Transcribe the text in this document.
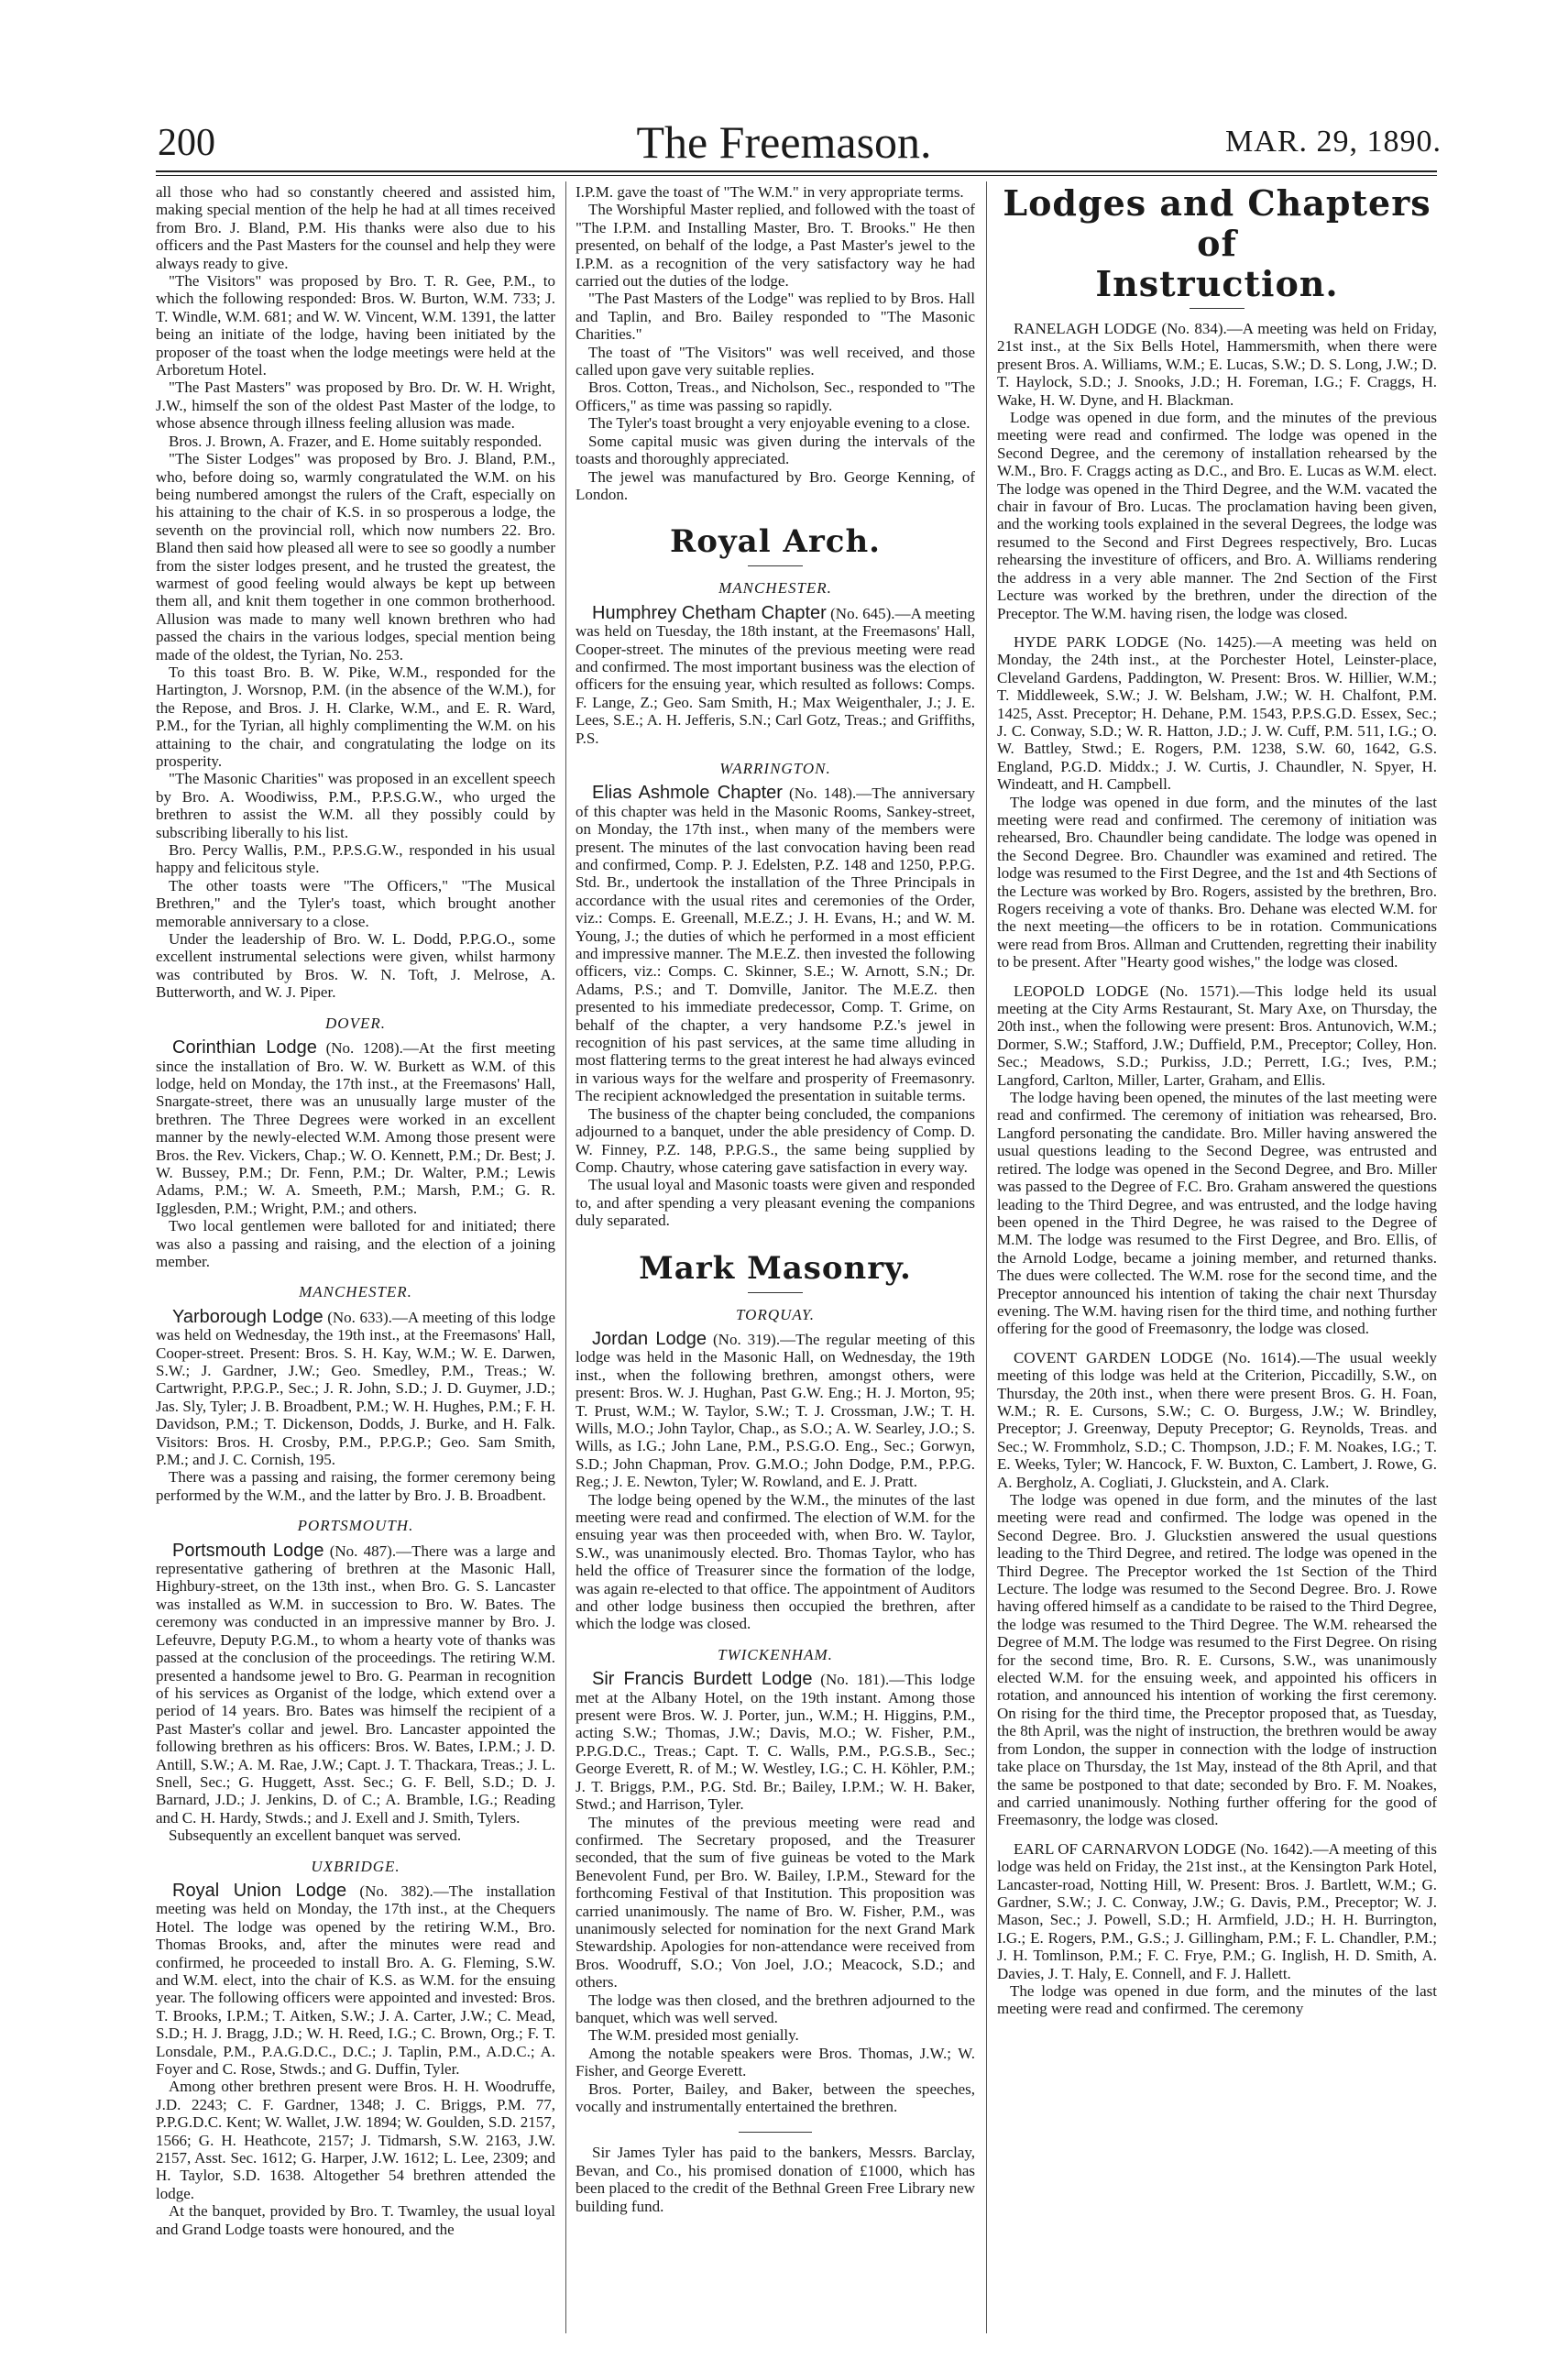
200	The Freemason.	MAR. 29, 1890.

all those who had so constantly cheered and assisted him, making special mention of the help he had at all times received from Bro. J. Bland, P.M. His thanks were also due to his officers and the Past Masters for the counsel and help they were always ready to give.

"The Visitors" was proposed by Bro. T. R. Gee, P.M., to which the following responded: Bros. W. Burton, W.M. 733; J. T. Windle, W.M. 681; and W. W. Vincent, W.M. 1391, the latter being an initiate of the lodge, having been initiated by the proposer of the toast when the lodge meetings were held at the Arboretum Hotel.

"The Past Masters" was proposed by Bro. Dr. W. H. Wright, J.W., himself the son of the oldest Past Master of the lodge, to whose absence through illness feeling allusion was made.

Bros. J. Brown, A. Frazer, and E. Home suitably responded.

"The Sister Lodges" was proposed by Bro. J. Bland, P.M., who, before doing so, warmly congratulated the W.M. on his being numbered amongst the rulers of the Craft, especially on his attaining to the chair of K.S. in so prosperous a lodge, the seventh on the provincial roll, which now numbers 22. Bro. Bland then said how pleased all were to see so goodly a number from the sister lodges present, and he trusted the greatest, the warmest of good feeling would always be kept up between them all, and knit them together in one common brotherhood. Allusion was made to many well known brethren who had passed the chairs in the various lodges, special mention being made of the oldest, the Tyrian, No. 253.

To this toast Bro. B. W. Pike, W.M., responded for the Hartington, J. Worsnop, P.M. (in the absence of the W.M.), for the Repose, and Bros. J. H. Clarke, W.M., and E. R. Ward, P.M., for the Tyrian, all highly complimenting the W.M. on his attaining to the chair, and congratulating the lodge on its prosperity.

"The Masonic Charities" was proposed in an excellent speech by Bro. A. Woodiwiss, P.M., P.P.S.G.W., who urged the brethren to assist the W.M. all they possibly could by subscribing liberally to his list.

Bro. Percy Wallis, P.M., P.P.S.G.W., responded in his usual happy and felicitous style.

The other toasts were "The Officers," "The Musical Brethren," and the Tyler's toast, which brought another memorable anniversary to a close.

Under the leadership of Bro. W. L. Dodd, P.P.G.O., some excellent instrumental selections were given, whilst harmony was contributed by Bros. W. N. Toft, J. Melrose, A. Butterworth, and W. J. Piper.

DOVER.

Corinthian Lodge (No. 1208).—At the first meeting since the installation of Bro. W. W. Burkett as W.M. of this lodge, held on Monday, the 17th inst., at the Freemasons' Hall, Snargate-street, there was an unusually large muster of the brethren. The Three Degrees were worked in an excellent manner by the newly-elected W.M. Among those present were Bros. the Rev. Vickers, Chap.; W. O. Kennett, P.M.; Dr. Best; J. W. Bussey, P.M.; Dr. Fenn, P.M.; Dr. Walter, P.M.; Lewis Adams, P.M.; W. A. Smeeth, P.M.; Marsh, P.M.; G. R. Igglesden, P.M.; Wright, P.M.; and others.

Two local gentlemen were balloted for and initiated; there was also a passing and raising, and the election of a joining member.

MANCHESTER.

Yarborough Lodge (No. 633).—A meeting of this lodge was held on Wednesday, the 19th inst., at the Freemasons' Hall, Cooper-street. Present: Bros. S. H. Kay, W.M.; W. E. Darwen, S.W.; J. Gardner, J.W.; Geo. Smedley, P.M., Treas.; W. Cartwright, P.P.G.P., Sec.; J. R. John, S.D.; J. D. Guymer, J.D.; Jas. Sly, Tyler; J. B. Broadbent, P.M.; W. H. Hughes, P.M.; F. H. Davidson, P.M.; T. Dickenson, Dodds, J. Burke, and H. Falk. Visitors: Bros. H. Crosby, P.M., P.P.G.P.; Geo. Sam Smith, P.M.; and J. C. Cornish, 195.

There was a passing and raising, the former ceremony being performed by the W.M., and the latter by Bro. J. B. Broadbent.

PORTSMOUTH.

Portsmouth Lodge (No. 487).—There was a large and representative gathering of brethren at the Masonic Hall, Highbury-street, on the 13th inst., when Bro. G. S. Lancaster was installed as W.M. in succession to Bro. W. Bates. The ceremony was conducted in an impressive manner by Bro. J. Lefeuvre, Deputy P.G.M., to whom a hearty vote of thanks was passed at the conclusion of the proceedings. The retiring W.M. presented a handsome jewel to Bro. G. Pearman in recognition of his services as Organist of the lodge, which extend over a period of 14 years. Bro. Bates was himself the recipient of a Past Master's collar and jewel. Bro. Lancaster appointed the following brethren as his officers: Bros. W. Bates, I.P.M.; J. D. Antill, S.W.; A. M. Rae, J.W.; Capt. J. T. Thackara, Treas.; J. L. Snell, Sec.; G. Huggett, Asst. Sec.; G. F. Bell, S.D.; D. J. Barnard, J.D.; J. Jenkins, D. of C.; A. Bramble, I.G.; Reading and C. H. Hardy, Stwds.; and J. Exell and J. Smith, Tylers.

Subsequently an excellent banquet was served.

UXBRIDGE.

Royal Union Lodge (No. 382).—The installation meeting was held on Monday, the 17th inst., at the Chequers Hotel. The lodge was opened by the retiring W.M., Bro. Thomas Brooks, and, after the minutes were read and confirmed, he proceeded to install Bro. A. G. Fleming, S.W. and W.M. elect, into the chair of K.S. as W.M. for the ensuing year. The following officers were appointed and invested: Bros. T. Brooks, I.P.M.; T. Aitken, S.W.; J. A. Carter, J.W.; C. Mead, S.D.; H. J. Bragg, J.D.; W. H. Reed, I.G.; C. Brown, Org.; F. T. Lonsdale, P.M., P.A.G.D.C., D.C.; J. Taplin, P.M., A.D.C.; A. Foyer and C. Rose, Stwds.; and G. Duffin, Tyler.

Among other brethren present were Bros. H. H. Woodruffe, J.D. 2243; C. F. Gardner, 1348; J. C. Briggs, P.M. 77, P.P.G.D.C. Kent; W. Wallet, J.W. 1894; W. Goulden, S.D. 2157, 1566; G. H. Heathcote, 2157; J. Tidmarsh, S.W. 2163, J.W. 2157, Asst. Sec. 1612; G. Harper, J.W. 1612; L. Lee, 2309; and H. Taylor, S.D. 1638. Altogether 54 brethren attended the lodge.

At the banquet, provided by Bro. T. Twamley, the usual loyal and Grand Lodge toasts were honoured, and the

I.P.M. gave the toast of "The W.M." in very appropriate terms.

The Worshipful Master replied, and followed with the toast of "The I.P.M. and Installing Master, Bro. T. Brooks." He then presented, on behalf of the lodge, a Past Master's jewel to the I.P.M. as a recognition of the very satisfactory way he had carried out the duties of the lodge.

"The Past Masters of the Lodge" was replied to by Bros. Hall and Taplin, and Bro. Bailey responded to "The Masonic Charities."

The toast of "The Visitors" was well received, and those called upon gave very suitable replies.

Bros. Cotton, Treas., and Nicholson, Sec., responded to "The Officers," as time was passing so rapidly.

The Tyler's toast brought a very enjoyable evening to a close.

Some capital music was given during the intervals of the toasts and thoroughly appreciated.

The jewel was manufactured by Bro. George Kenning, of London.

Royal Arch.
MANCHESTER.

Humphrey Chetham Chapter (No. 645).—A meeting was held on Tuesday, the 18th instant, at the Freemasons' Hall, Cooper-street. The minutes of the previous meeting were read and confirmed. The most important business was the election of officers for the ensuing year, which resulted as follows: Comps. F. Lange, Z.; Geo. Sam Smith, H.; Max Weigenthaler, J.; J. E. Lees, S.E.; A. H. Jefferis, S.N.; Carl Gotz, Treas.; and Griffiths, P.S.

WARRINGTON.

Elias Ashmole Chapter (No. 148).—The anniversary of this chapter was held in the Masonic Rooms, Sankey-street, on Monday, the 17th inst., when many of the members were present. The minutes of the last convocation having been read and confirmed, Comp. P. J. Edelsten, P.Z. 148 and 1250, P.P.G. Std. Br., undertook the installation of the Three Principals in accordance with the usual rites and ceremonies of the Order, viz.: Comps. E. Greenall, M.E.Z.; J. H. Evans, H.; and W. M. Young, J.; the duties of which he performed in a most efficient and impressive manner. The M.E.Z. then invested the following officers, viz.: Comps. C. Skinner, S.E.; W. Arnott, S.N.; Dr. Adams, P.S.; and T. Domville, Janitor. The M.E.Z. then presented to his immediate predecessor, Comp. T. Grime, on behalf of the chapter, a very handsome P.Z.'s jewel in recognition of his past services, at the same time alluding in most flattering terms to the great interest he had always evinced in various ways for the welfare and prosperity of Freemasonry. The recipient acknowledged the presentation in suitable terms.

The business of the chapter being concluded, the companions adjourned to a banquet, under the able presidency of Comp. D. W. Finney, P.Z. 148, P.P.G.S., the same being supplied by Comp. Chautry, whose catering gave satisfaction in every way.

The usual loyal and Masonic toasts were given and responded to, and after spending a very pleasant evening the companions duly separated.

Mark Masonry.
TORQUAY.

Jordan Lodge (No. 319).—The regular meeting of this lodge was held in the Masonic Hall, on Wednesday, the 19th inst., when the following brethren, amongst others, were present: Bros. W. J. Hughan, Past G.W. Eng.; H. J. Morton, 95; T. Prust, W.M.; W. Taylor, S.W.; T. J. Crossman, J.W.; T. H. Wills, M.O.; John Taylor, Chap., as S.O.; A. W. Searley, J.O.; S. Wills, as I.G.; John Lane, P.M., P.S.G.O. Eng., Sec.; Gorwyn, S.D.; John Chapman, Prov. G.M.O.; John Dodge, P.M., P.P.G. Reg.; J. E. Newton, Tyler; W. Rowland, and E. J. Pratt.

The lodge being opened by the W.M., the minutes of the last meeting were read and confirmed. The election of W.M. for the ensuing year was then proceeded with, when Bro. W. Taylor, S.W., was unanimously elected. Bro. Thomas Taylor, who has held the office of Treasurer since the formation of the lodge, was again re-elected to that office. The appointment of Auditors and other lodge business then occupied the brethren, after which the lodge was closed.

TWICKENHAM.

Sir Francis Burdett Lodge (No. 181).—This lodge met at the Albany Hotel, on the 19th instant. Among those present were Bros. W. J. Porter, jun., W.M.; H. Higgins, P.M., acting S.W.; Thomas, J.W.; Davis, M.O.; W. Fisher, P.M., P.P.G.D.C., Treas.; Capt. T. C. Walls, P.M., P.G.S.B., Sec.; George Everett, R. of M.; W. Westley, I.G.; C. H. Köhler, P.M.; J. T. Briggs, P.M., P.G. Std. Br.; Bailey, I.P.M.; W. H. Baker, Stwd.; and Harrison, Tyler.

The minutes of the previous meeting were read and confirmed. The Secretary proposed, and the Treasurer seconded, that the sum of five guineas be voted to the Mark Benevolent Fund, per Bro. W. Bailey, I.P.M., Steward for the forthcoming Festival of that Institution. This proposition was carried unanimously. The name of Bro. W. Fisher, P.M., was unanimously selected for nomination for the next Grand Mark Stewardship. Apologies for non-attendance were received from Bros. Woodruff, S.O.; Von Joel, J.O.; Meacock, S.D.; and others.

The lodge was then closed, and the brethren adjourned to the banquet, which was well served.

The W.M. presided most genially.

Among the notable speakers were Bros. Thomas, J.W.; W. Fisher, and George Everett.

Bros. Porter, Bailey, and Baker, between the speeches, vocally and instrumentally entertained the brethren.

Sir James Tyler has paid to the bankers, Messrs. Barclay, Bevan, and Co., his promised donation of £1000, which has been placed to the credit of the Bethnal Green Free Library new building fund.

Lodges and Chapters of
Instruction.

RANELAGH LODGE (No. 834).—A meeting was held on Friday, 21st inst., at the Six Bells Hotel, Hammersmith, when there were present Bros. A. Williams, W.M.; E. Lucas, S.W.; D. S. Long, J.W.; D. T. Haylock, S.D.; J. Snooks, J.D.; H. Foreman, I.G.; F. Craggs, H. Wake, H. W. Dyne, and H. Blackman.

Lodge was opened in due form, and the minutes of the previous meeting were read and confirmed. The lodge was opened in the Second Degree, and the ceremony of installation rehearsed by the W.M., Bro. F. Craggs acting as D.C., and Bro. E. Lucas as W.M. elect. The lodge was opened in the Third Degree, and the W.M. vacated the chair in favour of Bro. Lucas. The proclamation having been given, and the working tools explained in the several Degrees, the lodge was resumed to the Second and First Degrees respectively, Bro. Lucas rehearsing the investiture of officers, and Bro. A. Williams rendering the address in a very able manner. The 2nd Section of the First Lecture was worked by the brethren, under the direction of the Preceptor. The W.M. having risen, the lodge was closed.

HYDE PARK LODGE (No. 1425).—A meeting was held on Monday, the 24th inst., at the Porchester Hotel, Leinster-place, Cleveland Gardens, Paddington, W. Present: Bros. W. Hillier, W.M.; T. Middleweek, S.W.; J. W. Belsham, J.W.; W. H. Chalfont, P.M. 1425, Asst. Preceptor; H. Dehane, P.M. 1543, P.P.S.G.D. Essex, Sec.; J. C. Conway, S.D.; W. R. Hatton, J.D.; J. W. Cuff, P.M. 511, I.G.; O. W. Battley, Stwd.; E. Rogers, P.M. 1238, S.W. 60, 1642, G.S. England, P.G.D. Middx.; J. W. Curtis, J. Chaundler, N. Spyer, H. Windeatt, and H. Campbell.

The lodge was opened in due form, and the minutes of the last meeting were read and confirmed. The ceremony of initiation was rehearsed, Bro. Chaundler being candidate. The lodge was opened in the Second Degree. Bro. Chaundler was examined and retired. The lodge was resumed to the First Degree, and the 1st and 4th Sections of the Lecture was worked by Bro. Rogers, assisted by the brethren, Bro. Rogers receiving a vote of thanks. Bro. Dehane was elected W.M. for the next meeting—the officers to be in rotation. Communications were read from Bros. Allman and Cruttenden, regretting their inability to be present. After "Hearty good wishes," the lodge was closed.

LEOPOLD LODGE (No. 1571).—This lodge held its usual meeting at the City Arms Restaurant, St. Mary Axe, on Thursday, the 20th inst., when the following were present: Bros. Antunovich, W.M.; Dormer, S.W.; Stafford, J.W.; Duffield, P.M., Preceptor; Colley, Hon. Sec.; Meadows, S.D.; Purkiss, J.D.; Perrett, I.G.; Ives, P.M.; Langford, Carlton, Miller, Larter, Graham, and Ellis.

The lodge having been opened, the minutes of the last meeting were read and confirmed. The ceremony of initiation was rehearsed, Bro. Langford personating the candidate. Bro. Miller having answered the usual questions leading to the Second Degree, was entrusted and retired. The lodge was opened in the Second Degree, and Bro. Miller was passed to the Degree of F.C. Bro. Graham answered the questions leading to the Third Degree, and was entrusted, and the lodge having been opened in the Third Degree, he was raised to the Degree of M.M. The lodge was resumed to the First Degree, and Bro. Ellis, of the Arnold Lodge, became a joining member, and returned thanks. The dues were collected. The W.M. rose for the second time, and the Preceptor announced his intention of taking the chair next Thursday evening. The W.M. having risen for the third time, and nothing further offering for the good of Freemasonry, the lodge was closed.

COVENT GARDEN LODGE (No. 1614).—The usual weekly meeting of this lodge was held at the Criterion, Piccadilly, S.W., on Thursday, the 20th inst., when there were present Bros. G. H. Foan, W.M.; R. E. Cursons, S.W.; C. O. Burgess, J.W.; W. Brindley, Preceptor; J. Greenway, Deputy Preceptor; G. Reynolds, Treas. and Sec.; W. Frommholz, S.D.; C. Thompson, J.D.; F. M. Noakes, I.G.; T. E. Weeks, Tyler; W. Hancock, F. W. Buxton, C. Lambert, J. Rowe, G. A. Bergholz, A. Cogliati, J. Gluckstein, and A. Clark.

The lodge was opened in due form, and the minutes of the last meeting were read and confirmed. The lodge was opened in the Second Degree. Bro. J. Gluckstien answered the usual questions leading to the Third Degree, and retired. The lodge was opened in the Third Degree. The Preceptor worked the 1st Section of the Third Lecture. The lodge was resumed to the Second Degree. Bro. J. Rowe having offered himself as a candidate to be raised to the Third Degree, the lodge was resumed to the Third Degree. The W.M. rehearsed the Degree of M.M. The lodge was resumed to the First Degree. On rising for the second time, Bro. R. E. Cursons, S.W., was unanimously elected W.M. for the ensuing week, and appointed his officers in rotation, and announced his intention of working the first ceremony. On rising for the third time, the Preceptor proposed that, as Tuesday, the 8th April, was the night of instruction, the brethren would be away from London, the supper in connection with the lodge of instruction take place on Thursday, the 1st May, instead of the 8th April, and that the same be postponed to that date; seconded by Bro. F. M. Noakes, and carried unanimously. Nothing further offering for the good of Freemasonry, the lodge was closed.

EARL OF CARNARVON LODGE (No. 1642).—A meeting of this lodge was held on Friday, the 21st inst., at the Kensington Park Hotel, Lancaster-road, Notting Hill, W. Present: Bros. J. Bartlett, W.M.; G. Gardner, S.W.; J. C. Conway, J.W.; G. Davis, P.M., Preceptor; W. J. Mason, Sec.; J. Powell, S.D.; H. Armfield, J.D.; H. H. Burrington, I.G.; E. Rogers, P.M., G.S.; J. Gillingham, P.M.; F. L. Chandler, P.M.; J. H. Tomlinson, P.M.; F. C. Frye, P.M.; G. Inglish, H. D. Smith, A. Davies, J. T. Haly, E. Connell, and F. J. Hallett.

The lodge was opened in due form, and the minutes of the last meeting were read and confirmed. The ceremony
